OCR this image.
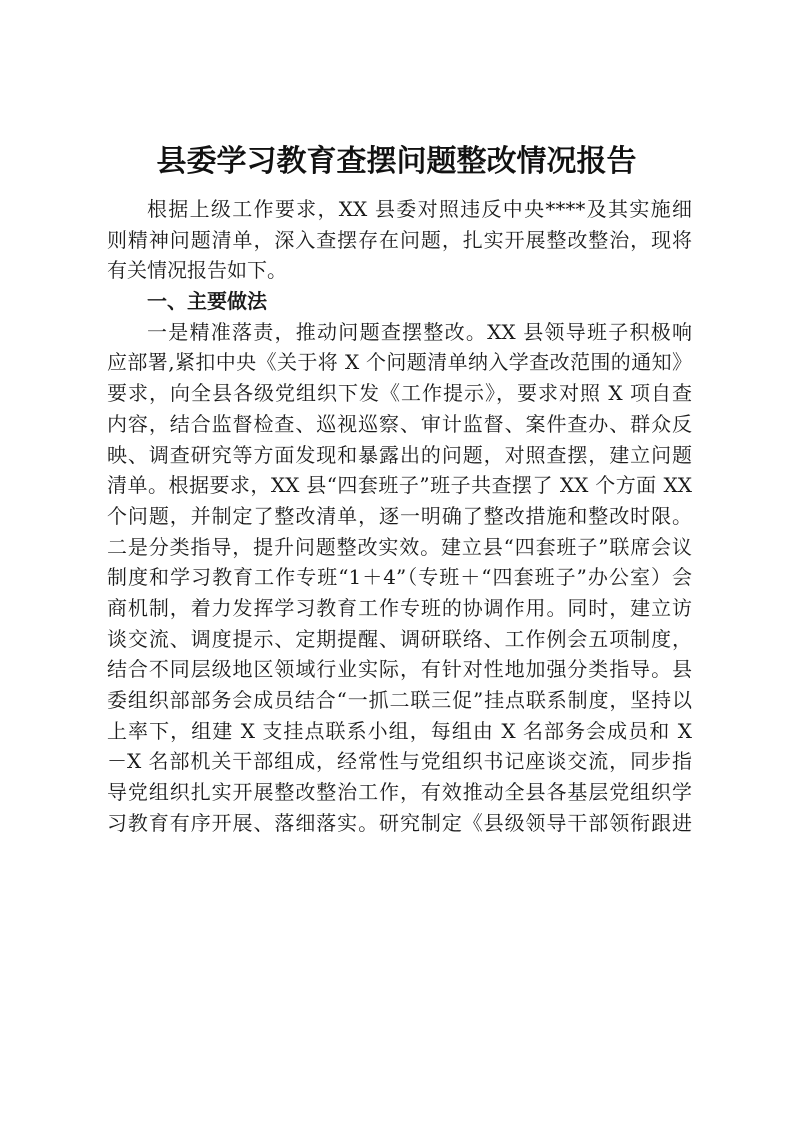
县委学习教育查摆问题整改情况报告
根据上级工作要求，XX 县委对照违反中央****及其实施细
则精神问题清单，深入查摆存在问题，扎实开展整改整治，现将
有关情况报告如下。
一、主要做法
一是精准落责，推动问题查摆整改。XX 县领导班子积极响
应部署,紧扣中央《关于将 X 个问题清单纳入学查改范围的通知》
要求，向全县各级党组织下发《工作提示》，要求对照 X 项自查
内容，结合监督检查、巡视巡察、审计监督、案件查办、群众反
映、调查研究等方面发现和暴露出的问题，对照查摆，建立问题
清单。根据要求，XX 县“四套班子”班子共查摆了 XX 个方面 XX
个问题，并制定了整改清单，逐一明确了整改措施和整改时限。
二是分类指导，提升问题整改实效。建立县“四套班子”联席会议
制度和学习教育工作专班“1＋4”（专班＋“四套班子”办公室）会
商机制，着力发挥学习教育工作专班的协调作用。同时，建立访
谈交流、调度提示、定期提醒、调研联络、工作例会五项制度，
结合不同层级地区领域行业实际，有针对性地加强分类指导。县
委组织部部务会成员结合“一抓二联三促”挂点联系制度，坚持以
上率下，组建 X 支挂点联系小组，每组由 X 名部务会成员和 X
－X 名部机关干部组成，经常性与党组织书记座谈交流，同步指
导党组织扎实开展整改整治工作，有效推动全县各基层党组织学
习教育有序开展、落细落实。研究制定《县级领导干部领衔跟进
